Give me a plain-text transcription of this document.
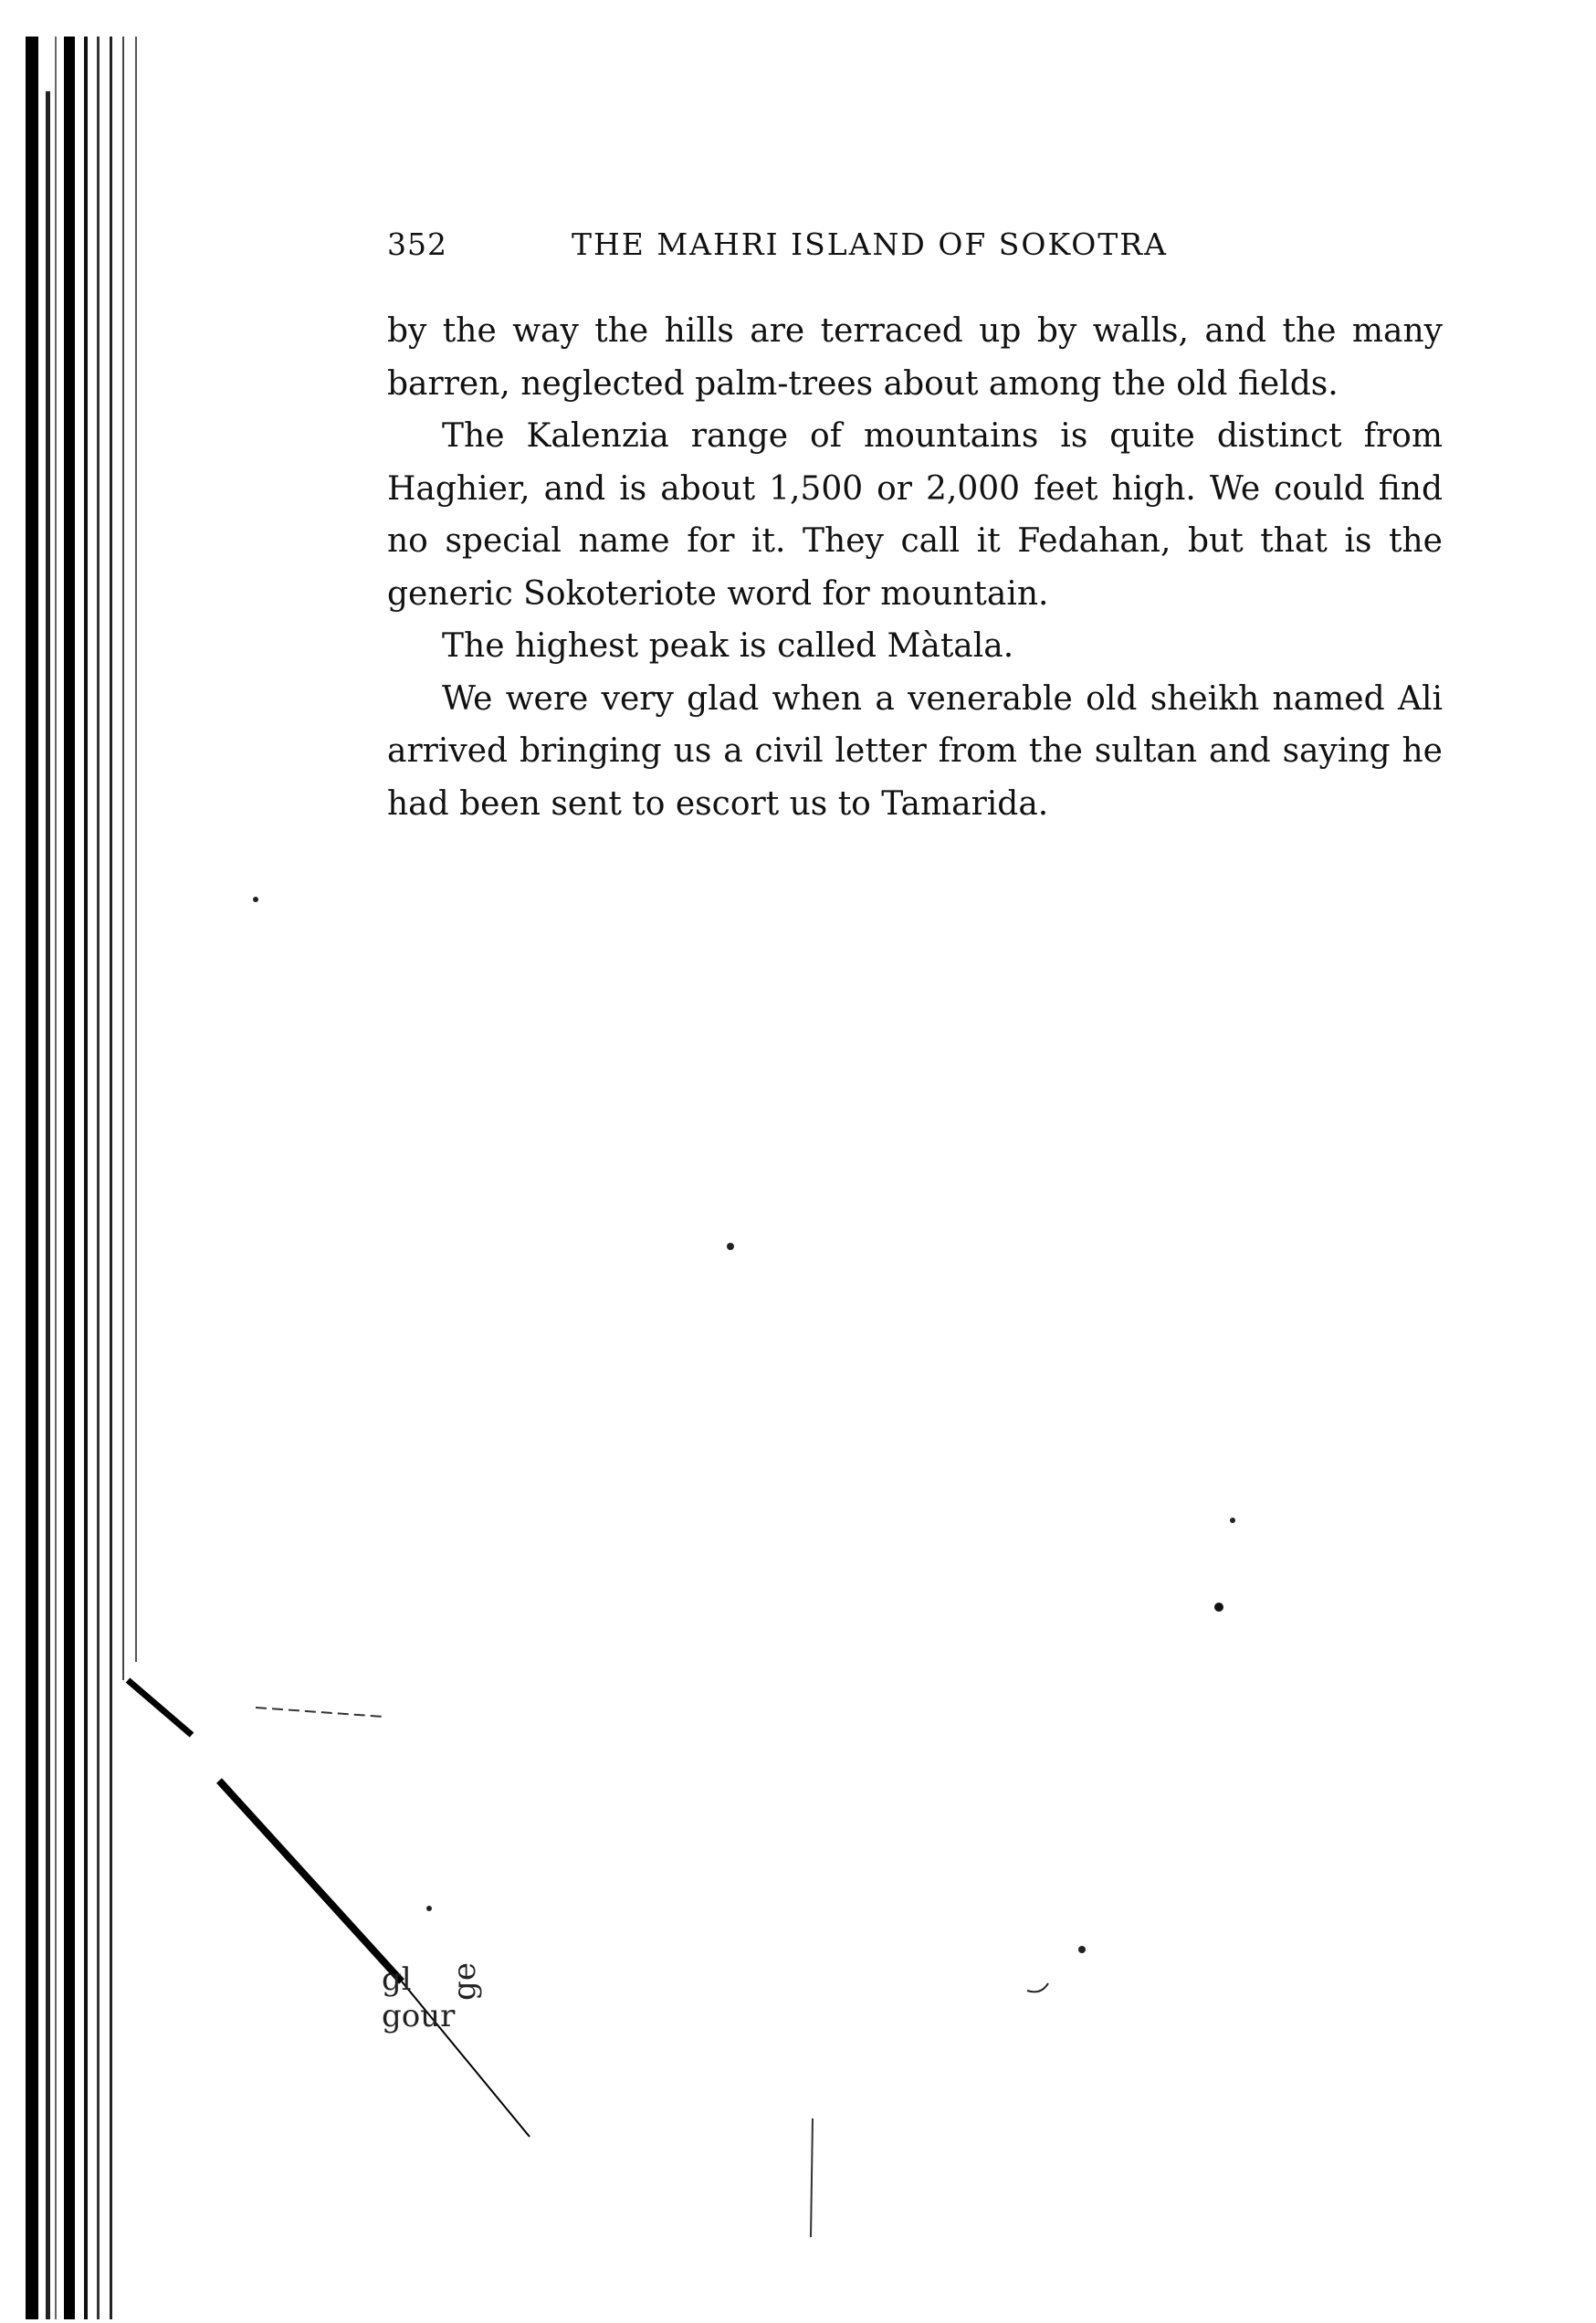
352	THE MAHRI ISLAND OF SOKOTRA

by the way the hills are terraced up by walls, and the many barren, neglected palm-trees about among the old fields.

The Kalenzia range of mountains is quite distinct from Haghier, and is about 1,500 or 2,000 feet high. We could find no special name for it. They call it Fedahan, but that is the generic Sokoteriote word for mountain.

The highest peak is called Màtala.

We were very glad when a venerable old sheikh named Ali arrived bringing us a civil letter from the sultan and saying he had been sent to escort us to Tamarida.

gl
gour
ge
